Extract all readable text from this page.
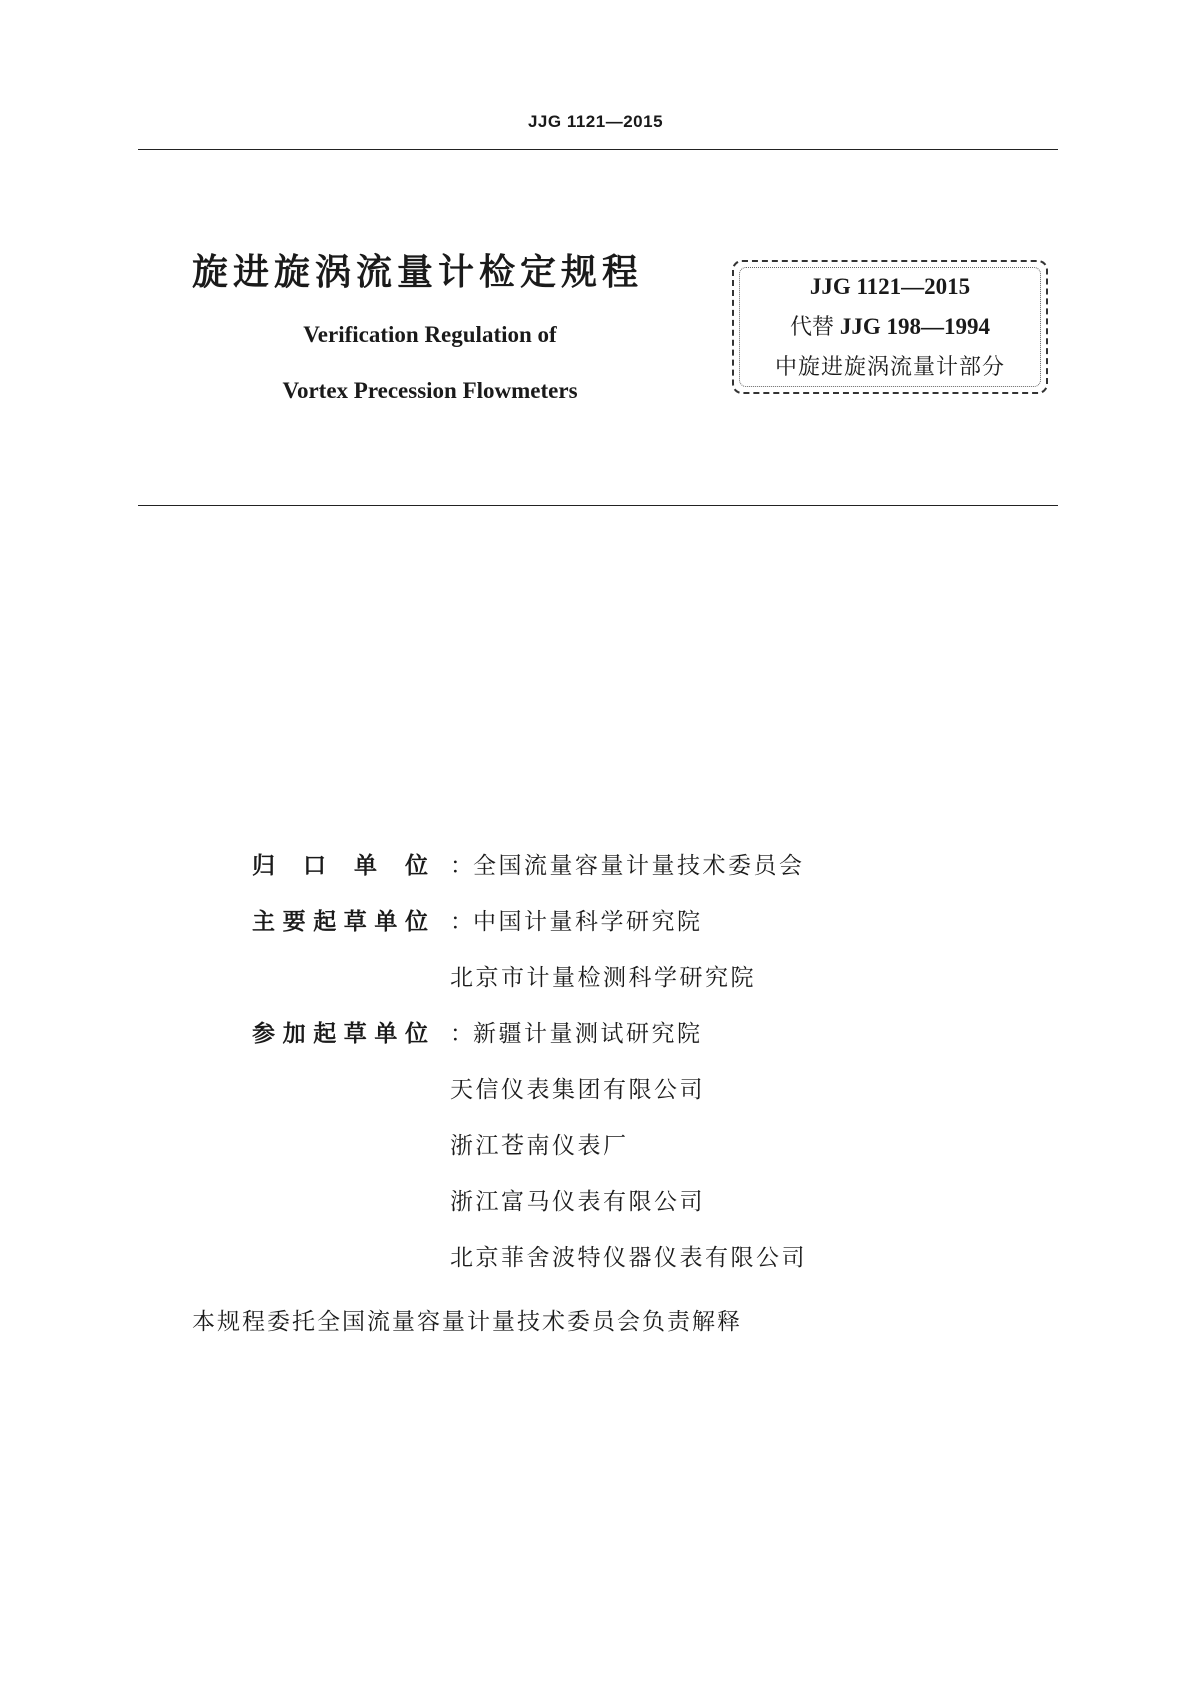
JJG 1121—2015
旋进旋涡流量计检定规程
Verification Regulation of
Vortex Precession Flowmeters
JJG 1121—2015
代替 JJG 198—1994
中旋进旋涡流量计部分
归口单位 ： 全国流量容量计量技术委员会
主要起草单位 ： 中国计量科学研究院
北京市计量检测科学研究院
参加起草单位 ： 新疆计量测试研究院
天信仪表集团有限公司
浙江苍南仪表厂
浙江富马仪表有限公司
北京菲舍波特仪器仪表有限公司
本规程委托全国流量容量计量技术委员会负责解释
